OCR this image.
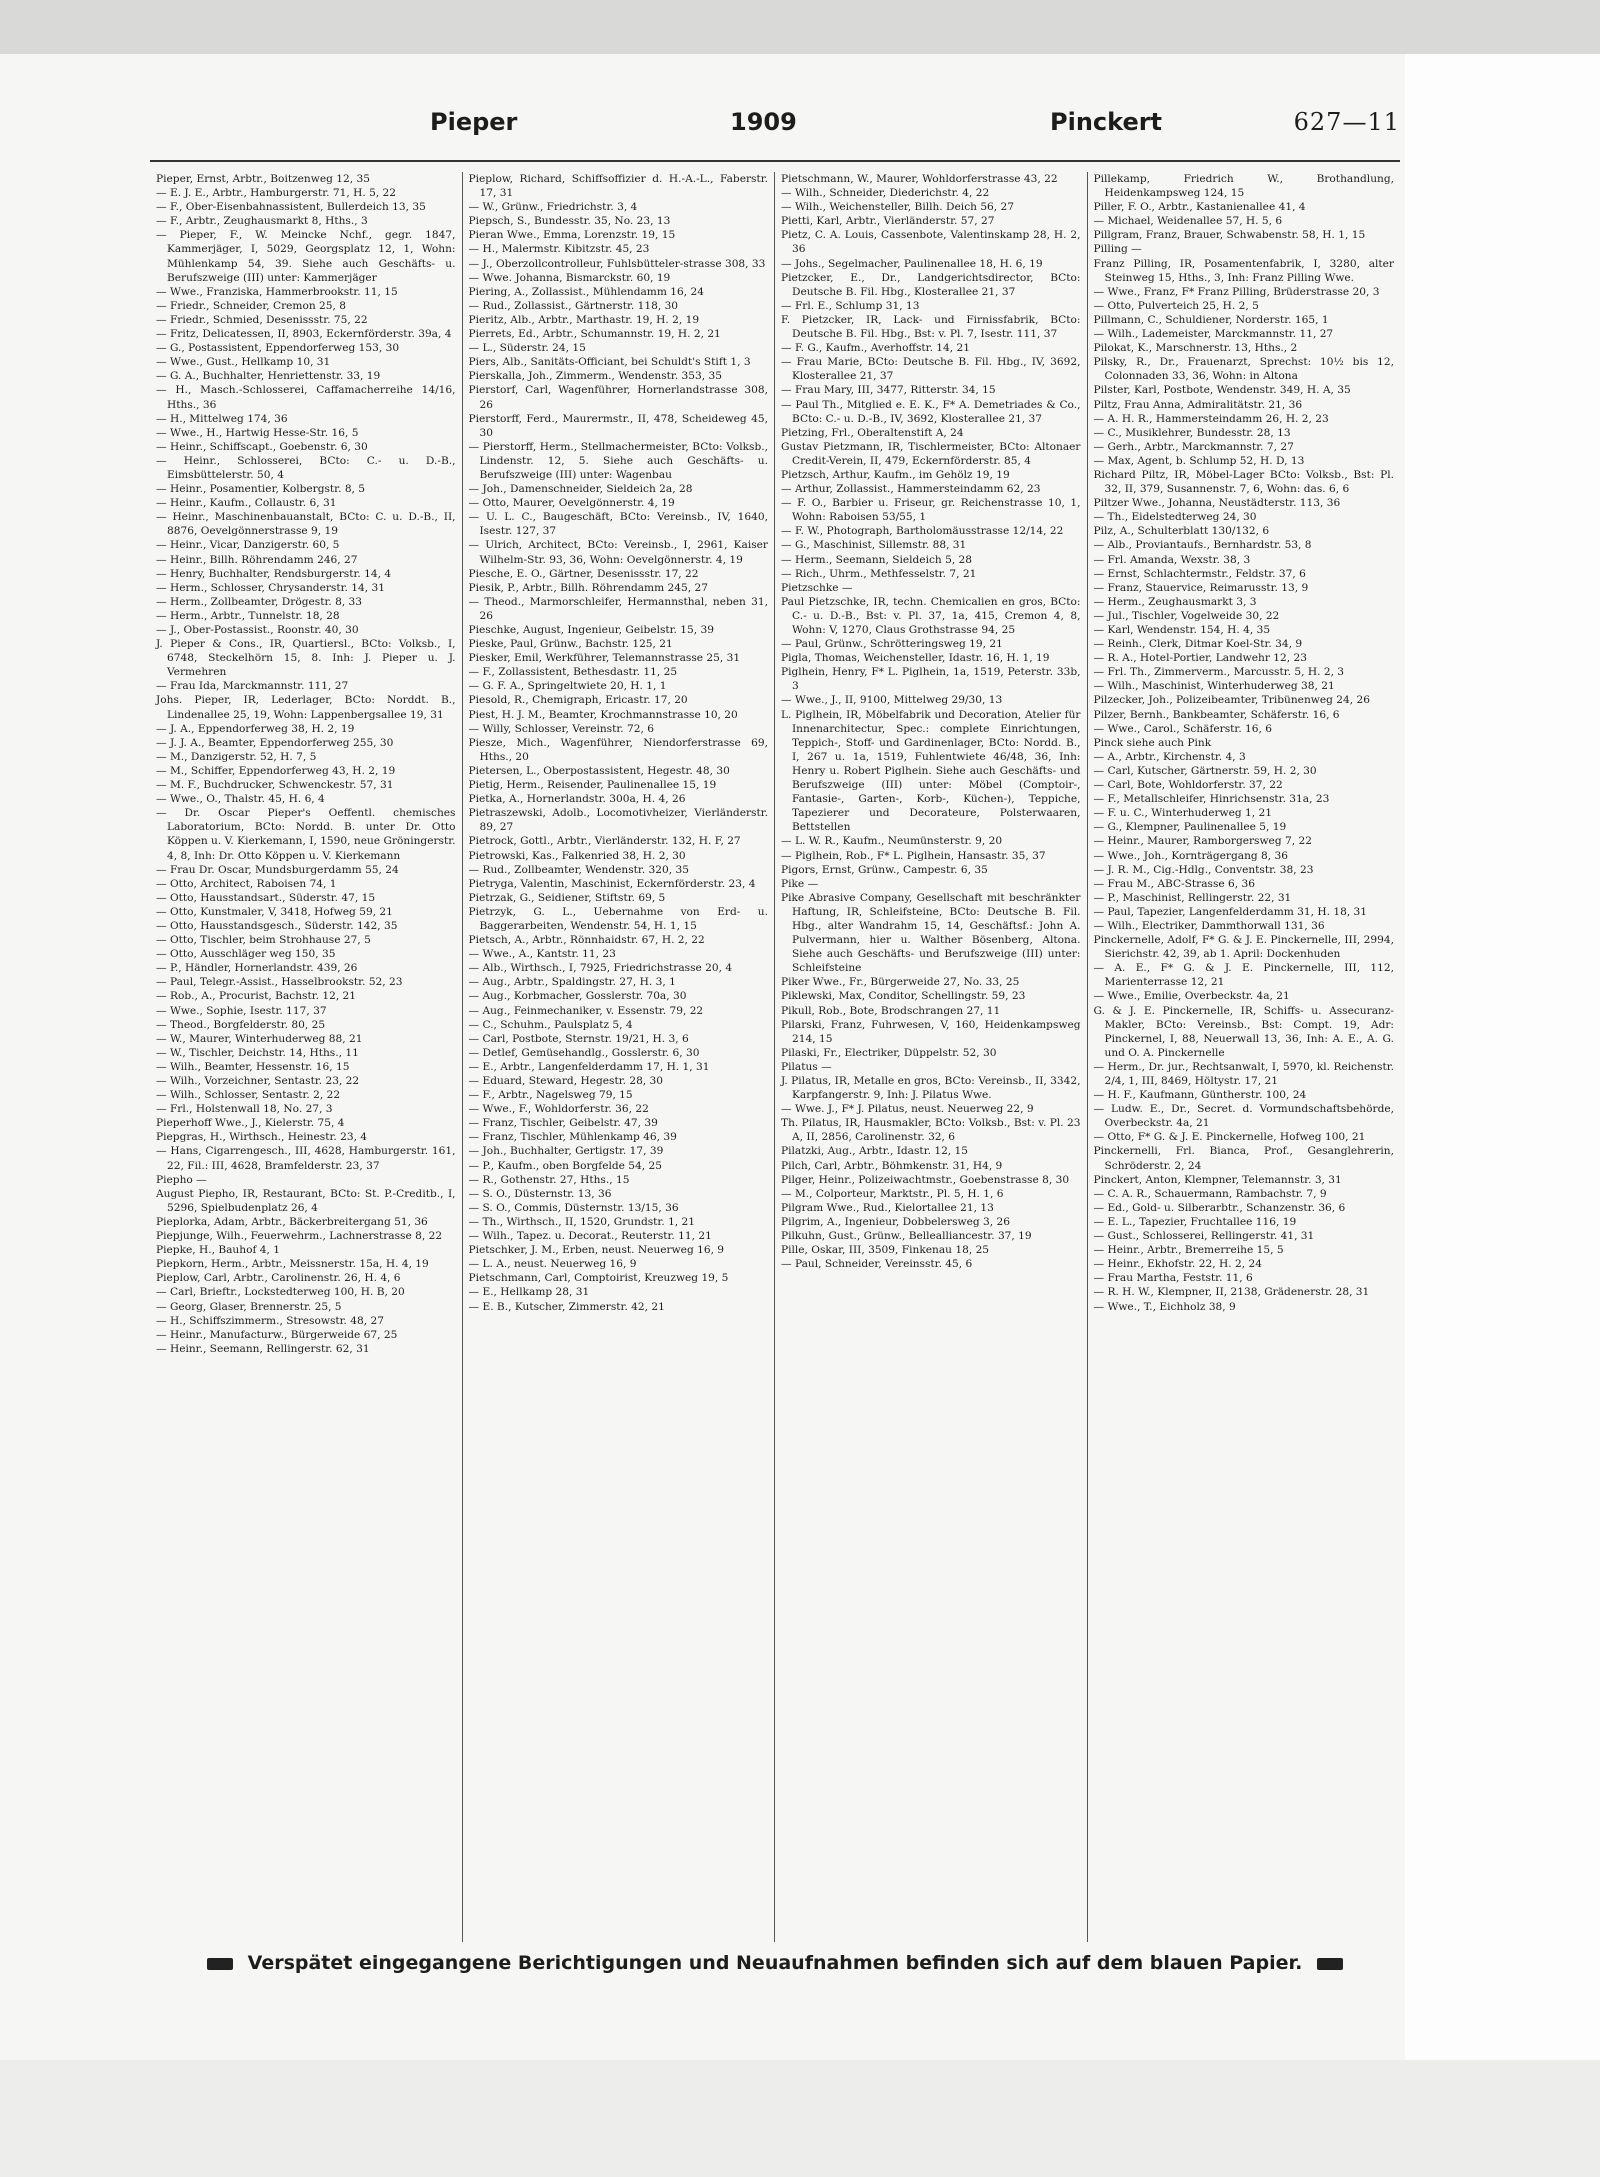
Pieper	1909	Pinckert	627—11

Pieper, Ernst, Arbtr., Boitzenweg 12, 35

— E. J. E., Arbtr., Hamburgerstr. 71, H. 5, 22

— F., Ober-Eisenbahnassistent, Bullerdeich 13, 35

— F., Arbtr., Zeughausmarkt 8, Hths., 3

— Pieper, F., W. Meincke Nchf., gegr. 1847, Kammerjäger, I, 5029, Georgsplatz 12, 1, Wohn: Mühlenkamp 54, 39. Siehe auch Geschäfts- u. Berufszweige (III) unter: Kammerjäger

— Wwe., Franziska, Hammerbrookstr. 11, 15

— Friedr., Schneider, Cremon 25, 8

— Friedr., Schmied, Desenissstr. 75, 22

— Fritz, Delicatessen, II, 8903, Eckernförderstr. 39a, 4

— G., Postassistent, Eppendorferweg 153, 30

— Wwe., Gust., Hellkamp 10, 31

— G. A., Buchhalter, Henriettenstr. 33, 19

— H., Masch.-Schlosserei, Caffamacherreihe 14/16, Hths., 36

— H., Mittelweg 174, 36

— Wwe., H., Hartwig Hesse-Str. 16, 5

— Heinr., Schiffscapt., Goebenstr. 6, 30

— Heinr., Schlosserei, BCto: C.- u. D.-B., Eimsbüttelerstr. 50, 4

— Heinr., Posamentier, Kolbergstr. 8, 5

— Heinr., Kaufm., Collaustr. 6, 31

— Heinr., Maschinenbauanstalt, BCto: C. u. D.-B., II, 8876, Oevelgönnerstrasse 9, 19

— Heinr., Vicar, Danzigerstr. 60, 5

— Heinr., Billh. Röhrendamm 246, 27

— Henry, Buchhalter, Rendsburgerstr. 14, 4

— Herm., Schlosser, Chrysanderstr. 14, 31

— Herm., Zollbeamter, Drögestr. 8, 33

— Herm., Arbtr., Tunnelstr. 18, 28

— J., Ober-Postassist., Roonstr. 40, 30

J. Pieper & Cons., IR, Quartiersl., BCto: Volksb., I, 6748, Steckelhörn 15, 8. Inh: J. Pieper u. J. Vermehren

— Frau Ida, Marckmannstr. 111, 27

Johs. Pieper, IR, Lederlager, BCto: Norddt. B., Lindenallee 25, 19, Wohn: Lappenbergsallee 19, 31

— J. A., Eppendorferweg 38, H. 2, 19

— J. J. A., Beamter, Eppendorferweg 255, 30

— M., Danzigerstr. 52, H. 7, 5

— M., Schiffer, Eppendorferweg 43, H. 2, 19

— M. F., Buchdrucker, Schwenckestr. 57, 31

— Wwe., O., Thalstr. 45, H. 6, 4

— Dr. Oscar Pieper's Oeffentl. chemisches Laboratorium, BCto: Nordd. B. unter Dr. Otto Köppen u. V. Kierkemann, I, 1590, neue Gröningerstr. 4, 8, Inh: Dr. Otto Köppen u. V. Kierkemann

— Frau Dr. Oscar, Mundsburgerdamm 55, 24

— Otto, Architect, Raboisen 74, 1

— Otto, Hausstandsart., Süderstr. 47, 15

— Otto, Kunstmaler, V, 3418, Hofweg 59, 21

— Otto, Hausstandsgesch., Süderstr. 142, 35

— Otto, Tischler, beim Strohhause 27, 5

— Otto, Ausschläger weg 150, 35

— P., Händler, Hornerlandstr. 439, 26

— Paul, Telegr.-Assist., Hasselbrookstr. 52, 23

— Rob., A., Procurist, Bachstr. 12, 21

— Wwe., Sophie, Isestr. 117, 37

— Theod., Borgfelderstr. 80, 25

— W., Maurer, Winterhuderweg 88, 21

— W., Tischler, Deichstr. 14, Hths., 11

— Wilh., Beamter, Hessenstr. 16, 15

— Wilh., Vorzeichner, Sentastr. 23, 22

— Wilh., Schlosser, Sentastr. 2, 22

— Frl., Holstenwall 18, No. 27, 3

Pieperhoff Wwe., J., Kielerstr. 75, 4

Piepgras, H., Wirthsch., Heinestr. 23, 4

— Hans, Cigarrengesch., III, 4628, Hamburgerstr. 161, 22, Fil.: III, 4628, Bramfelderstr. 23, 37

Piepho —

August Piepho, IR, Restaurant, BCto: St. P.-Creditb., I, 5296, Spielbudenplatz 26, 4

Pieplorka, Adam, Arbtr., Bäckerbreitergang 51, 36

Piepjunge, Wilh., Feuerwehrm., Lachnerstrasse 8, 22

Piepke, H., Bauhof 4, 1

Piepkorn, Herm., Arbtr., Meissnerstr. 15a, H. 4, 19

Pieplow, Carl, Arbtr., Carolinenstr. 26, H. 4, 6

— Carl, Brieftr., Lockstedterweg 100, H. B, 20

— Georg, Glaser, Brennerstr. 25, 5

— H., Schiffszimmerm., Stresowstr. 48, 27

— Heinr., Manufacturw., Bürgerweide 67, 25

— Heinr., Seemann, Rellingerstr. 62, 31

Pieplow, Richard, Schiffsoffizier d. H.-A.-L., Faberstr. 17, 31

— W., Grünw., Friedrichstr. 3, 4

Piepsch, S., Bundesstr. 35, No. 23, 13

Pieran Wwe., Emma, Lorenzstr. 19, 15

— H., Malermstr. Kibitzstr. 45, 23

— J., Oberzollcontrolleur, Fuhlsbütteler-strasse 308, 33

— Wwe. Johanna, Bismarckstr. 60, 19

Piering, A., Zollassist., Mühlendamm 16, 24

— Rud., Zollassist., Gärtnerstr. 118, 30

Pieritz, Alb., Arbtr., Marthastr. 19, H. 2, 19

Pierrets, Ed., Arbtr., Schumannstr. 19, H. 2, 21

— L., Süderstr. 24, 15

Piers, Alb., Sanitäts-Officiant, bei Schuldt's Stift 1, 3

Pierskalla, Joh., Zimmerm., Wendenstr. 353, 35

Pierstorf, Carl, Wagenführer, Hornerlandstrasse 308, 26

Pierstorff, Ferd., Maurermstr., II, 478, Scheideweg 45, 30

— Pierstorff, Herm., Stellmachermeister, BCto: Volksb., Lindenstr. 12, 5. Siehe auch Geschäfts- u. Berufszweige (III) unter: Wagenbau

— Joh., Damenschneider, Sieldeich 2a, 28

— Otto, Maurer, Oevelgönnerstr. 4, 19

— U. L. C., Baugeschäft, BCto: Vereinsb., IV, 1640, Isestr. 127, 37

— Ulrich, Architect, BCto: Vereinsb., I, 2961, Kaiser Wilhelm-Str. 93, 36, Wohn: Oevelgönnerstr. 4, 19

Piesche, E. O., Gärtner, Desenissstr. 17, 22

Piesik, P., Arbtr., Billh. Röhrendamm 245, 27

— Theod., Marmorschleifer, Hermannsthal, neben 31, 26

Pieschke, August, Ingenieur, Geibelstr. 15, 39

Pieske, Paul, Grünw., Bachstr. 125, 21

Piesker, Emil, Werkführer, Telemannstrasse 25, 31

— F., Zollassistent, Bethesdastr. 11, 25

— G. F. A., Springeltwiete 20, H. 1, 1

Piesold, R., Chemigraph, Ericastr. 17, 20

Piest, H. J. M., Beamter, Krochmannstrasse 10, 20

— Willy, Schlosser, Vereinstr. 72, 6

Piesze, Mich., Wagenführer, Niendorferstrasse 69, Hths., 20

Pietersen, L., Oberpostassistent, Hegestr. 48, 30

Pietig, Herm., Reisender, Paulinenallee 15, 19

Pietka, A., Hornerlandstr. 300a, H. 4, 26

Pietraszewski, Adolb., Locomotivheizer, Vierländerstr. 89, 27

Pietrock, Gottl., Arbtr., Vierländerstr. 132, H. F, 27

Pietrowski, Kas., Falkenried 38, H. 2, 30

— Rud., Zollbeamter, Wendenstr. 320, 35

Pietryga, Valentin, Maschinist, Eckernförderstr. 23, 4

Pietrzak, G., Seidiener, Stiftstr. 69, 5

Pietrzyk, G. L., Uebernahme von Erd- u. Baggerarbeiten, Wendenstr. 54, H. 1, 15

Pietsch, A., Arbtr., Rönnhaidstr. 67, H. 2, 22

— Wwe., A., Kantstr. 11, 23

— Alb., Wirthsch., I, 7925, Friedrichstrasse 20, 4

— Aug., Arbtr., Spaldingstr. 27, H. 3, 1

— Aug., Korbmacher, Gosslerstr. 70a, 30

— Aug., Feinmechaniker, v. Essenstr. 79, 22

— C., Schuhm., Paulsplatz 5, 4

— Carl, Postbote, Sternstr. 19/21, H. 3, 6

— Detlef, Gemüsehandlg., Gosslerstr. 6, 30

— E., Arbtr., Langenfelderdamm 17, H. 1, 31

— Eduard, Steward, Hegestr. 28, 30

— F., Arbtr., Nagelsweg 79, 15

— Wwe., F., Wohldorferstr. 36, 22

— Franz, Tischler, Geibelstr. 47, 39

— Franz, Tischler, Mühlenkamp 46, 39

— Joh., Buchhalter, Gertigstr. 17, 39

— P., Kaufm., oben Borgfelde 54, 25

— R., Gothenstr. 27, Hths., 15

— S. O., Düsternstr. 13, 36

— S. O., Commis, Düsternstr. 13/15, 36

— Th., Wirthsch., II, 1520, Grundstr. 1, 21

— Wilh., Tapez. u. Decorat., Reuterstr. 11, 21

Pietschker, J. M., Erben, neust. Neuerweg 16, 9

— L. A., neust. Neuerweg 16, 9

Pietschmann, Carl, Comptoirist, Kreuzweg 19, 5

— E., Hellkamp 28, 31

— E. B., Kutscher, Zimmerstr. 42, 21

Pietschmann, W., Maurer, Wohldorferstrasse 43, 22

— Wilh., Schneider, Diederichstr. 4, 22

— Wilh., Weichensteller, Billh. Deich 56, 27

Pietti, Karl, Arbtr., Vierländerstr. 57, 27

Pietz, C. A. Louis, Cassenbote, Valentinskamp 28, H. 2, 36

— Johs., Segelmacher, Paulinenallee 18, H. 6, 19

Pietzcker, E., Dr., Landgerichtsdirector, BCto: Deutsche B. Fil. Hbg., Klosterallee 21, 37

— Frl. E., Schlump 31, 13

F. Pietzcker, IR, Lack- und Firnissfabrik, BCto: Deutsche B. Fil. Hbg., Bst: v. Pl. 7, Isestr. 111, 37

— F. G., Kaufm., Averhoffstr. 14, 21

— Frau Marie, BCto: Deutsche B. Fil. Hbg., IV, 3692, Klosterallee 21, 37

— Frau Mary, III, 3477, Ritterstr. 34, 15

— Paul Th., Mitglied e. E. K., F* A. Demetriades & Co., BCto: C.- u. D.-B., IV, 3692, Klosterallee 21, 37

Pietzing, Frl., Oberaltenstift A, 24

Gustav Pietzmann, IR, Tischlermeister, BCto: Altonaer Credit-Verein, II, 479, Eckernförderstr. 85, 4

Pietzsch, Arthur, Kaufm., im Gehölz 19, 19

— Arthur, Zollassist., Hammersteindamm 62, 23

— F. O., Barbier u. Friseur, gr. Reichenstrasse 10, 1, Wohn: Raboisen 53/55, 1

— F. W., Photograph, Bartholomäusstrasse 12/14, 22

— G., Maschinist, Sillemstr. 88, 31

— Herm., Seemann, Sieldeich 5, 28

— Rich., Uhrm., Methfesselstr. 7, 21

Pietzschke —

Paul Pietzschke, IR, techn. Chemicalien en gros, BCto: C.- u. D.-B., Bst: v. Pl. 37, 1a, 415, Cremon 4, 8, Wohn: V, 1270, Claus Grothstrasse 94, 25

— Paul, Grünw., Schrötteringsweg 19, 21

Pigla, Thomas, Weichensteller, Idastr. 16, H. 1, 19

Piglhein, Henry, F* L. Piglhein, 1a, 1519, Peterstr. 33b, 3

— Wwe., J., II, 9100, Mittelweg 29/30, 13

L. Piglhein, IR, Möbelfabrik und Decoration, Atelier für Innenarchitectur, Spec.: complete Einrichtungen, Teppich-, Stoff- und Gardinenlager, BCto: Nordd. B., I, 267 u. 1a, 1519, Fuhlentwiete 46/48, 36, Inh: Henry u. Robert Piglhein. Siehe auch Geschäfts- und Berufszweige (III) unter: Möbel (Comptoir-, Fantasie-, Garten-, Korb-, Küchen-), Teppiche, Tapezierer und Decorateure, Polsterwaaren, Bettstellen

— L. W. R., Kaufm., Neumünsterstr. 9, 20

— Piglhein, Rob., F* L. Piglhein, Hansastr. 35, 37

Pigors, Ernst, Grünw., Campestr. 6, 35

Pike —

Pike Abrasive Company, Gesellschaft mit beschränkter Haftung, IR, Schleifsteine, BCto: Deutsche B. Fil. Hbg., alter Wandrahm 15, 14, Geschäftsf.: John A. Pulvermann, hier u. Walther Bösenberg, Altona. Siehe auch Geschäfts- und Berufszweige (III) unter: Schleifsteine

Piker Wwe., Fr., Bürgerweide 27, No. 33, 25

Piklewski, Max, Conditor, Schellingstr. 59, 23

Pikull, Rob., Bote, Brodschrangen 27, 11

Pilarski, Franz, Fuhrwesen, V, 160, Heidenkampsweg 214, 15

Pilaski, Fr., Electriker, Düppelstr. 52, 30

Pilatus —

J. Pilatus, IR, Metalle en gros, BCto: Vereinsb., II, 3342, Karpfangerstr. 9, Inh: J. Pilatus Wwe.

— Wwe. J., F* J. Pilatus, neust. Neuerweg 22, 9

Th. Pilatus, IR, Hausmakler, BCto: Volksb., Bst: v. Pl. 23 A, II, 2856, Carolinenstr. 32, 6

Pilatzki, Aug., Arbtr., Idastr. 12, 15

Pilch, Carl, Arbtr., Böhmkenstr. 31, H4, 9

Pilger, Heinr., Polizeiwachtmstr., Goebenstrasse 8, 30

— M., Colporteur, Marktstr., Pl. 5, H. 1, 6

Pilgram Wwe., Rud., Kielortallee 21, 13

Pilgrim, A., Ingenieur, Dobbelersweg 3, 26

Pilkuhn, Gust., Grünw., Bellealliancestr. 37, 19

Pille, Oskar, III, 3509, Finkenau 18, 25

— Paul, Schneider, Vereinsstr. 45, 6

Pillekamp, Friedrich W., Brothandlung, Heidenkampsweg 124, 15

Piller, F. O., Arbtr., Kastanienallee 41, 4

— Michael, Weidenallee 57, H. 5, 6

Pillgram, Franz, Brauer, Schwabenstr. 58, H. 1, 15

Pilling —

Franz Pilling, IR, Posamentenfabrik, I, 3280, alter Steinweg 15, Hths., 3, Inh: Franz Pilling Wwe.

— Wwe., Franz, F* Franz Pilling, Brüderstrasse 20, 3

— Otto, Pulverteich 25, H. 2, 5

Pillmann, C., Schuldiener, Norderstr. 165, 1

— Wilh., Lademeister, Marckmannstr. 11, 27

Pilokat, K., Marschnerstr. 13, Hths., 2

Pilsky, R., Dr., Frauenarzt, Sprechst: 10½ bis 12, Colonnaden 33, 36, Wohn: in Altona

Pilster, Karl, Postbote, Wendenstr. 349, H. A, 35

Piltz, Frau Anna, Admiralitätstr. 21, 36

— A. H. R., Hammersteindamm 26, H. 2, 23

— C., Musiklehrer, Bundesstr. 28, 13

— Gerh., Arbtr., Marckmannstr. 7, 27

— Max, Agent, b. Schlump 52, H. D, 13

Richard Piltz, IR, Möbel-Lager BCto: Volksb., Bst: Pl. 32, II, 379, Susannenstr. 7, 6, Wohn: das. 6, 6

Piltzer Wwe., Johanna, Neustädterstr. 113, 36

— Th., Eidelstedterweg 24, 30

Pilz, A., Schulterblatt 130/132, 6

— Alb., Proviantaufs., Bernhardstr. 53, 8

— Frl. Amanda, Wexstr. 38, 3

— Ernst, Schlachtermstr., Feldstr. 37, 6

— Franz, Stauervice, Reimarusstr. 13, 9

— Herm., Zeughausmarkt 3, 3

— Jul., Tischler, Vogelweide 30, 22

— Karl, Wendenstr. 154, H. 4, 35

— Reinh., Clerk, Ditmar Koel-Str. 34, 9

— R. A., Hotel-Portier, Landwehr 12, 23

— Frl. Th., Zimmerverm., Marcusstr. 5, H. 2, 3

— Wilh., Maschinist, Winterhuderweg 38, 21

Pilzecker, Joh., Polizeibeamter, Tribünenweg 24, 26

Pilzer, Bernh., Bankbeamter, Schäferstr. 16, 6

— Wwe., Carol., Schäferstr. 16, 6

Pinck siehe auch Pink

— A., Arbtr., Kirchenstr. 4, 3

— Carl, Kutscher, Gärtnerstr. 59, H. 2, 30

— Carl, Bote, Wohldorferstr. 37, 22

— F., Metallschleifer, Hinrichsenstr. 31a, 23

— F. u. C., Winterhuderweg 1, 21

— G., Klempner, Paulinenallee 5, 19

— Heinr., Maurer, Ramborgersweg 7, 22

— Wwe., Joh., Kornträgergang 8, 36

— J. R. M., Cig.-Hdlg., Conventstr. 38, 23

— Frau M., ABC-Strasse 6, 36

— P., Maschinist, Rellingerstr. 22, 31

— Paul, Tapezier, Langenfelderdamm 31, H. 18, 31

— Wilh., Electriker, Dammthorwall 131, 36

Pinckernelle, Adolf, F* G. & J. E. Pinckernelle, III, 2994, Sierichstr. 42, 39, ab 1. April: Dockenhuden

— A. E., F* G. & J. E. Pinckernelle, III, 112, Marienterrasse 12, 21

— Wwe., Emilie, Overbeckstr. 4a, 21

G. & J. E. Pinckernelle, IR, Schiffs- u. Assecuranz-Makler, BCto: Vereinsb., Bst: Compt. 19, Adr: Pinckernel, I, 88, Neuerwall 13, 36, Inh: A. E., A. G. und O. A. Pinckernelle

— Herm., Dr. jur., Rechtsanwalt, I, 5970, kl. Reichenstr. 2/4, 1, III, 8469, Höltystr. 17, 21

— H. F., Kaufmann, Güntherstr. 100, 24

— Ludw. E., Dr., Secret. d. Vormundschaftsbehörde, Overbeckstr. 4a, 21

— Otto, F* G. & J. E. Pinckernelle, Hofweg 100, 21

Pinckernelli, Frl. Bianca, Prof., Gesanglehrerin, Schröderstr. 2, 24

Pinckert, Anton, Klempner, Telemannstr. 3, 31

— C. A. R., Schauermann, Rambachstr. 7, 9

— Ed., Gold- u. Silberarbtr., Schanzenstr. 36, 6

— E. L., Tapezier, Fruchtallee 116, 19

— Gust., Schlosserei, Rellingerstr. 41, 31

— Heinr., Arbtr., Bremerreihe 15, 5

— Heinr., Ekhofstr. 22, H. 2, 24

— Frau Martha, Feststr. 11, 6

— R. H. W., Klempner, II, 2138, Grädenerstr. 28, 31

— Wwe., T., Eichholz 38, 9

Verspätet eingegangene Berichtigungen und Neuaufnahmen befinden sich auf dem blauen Papier.
